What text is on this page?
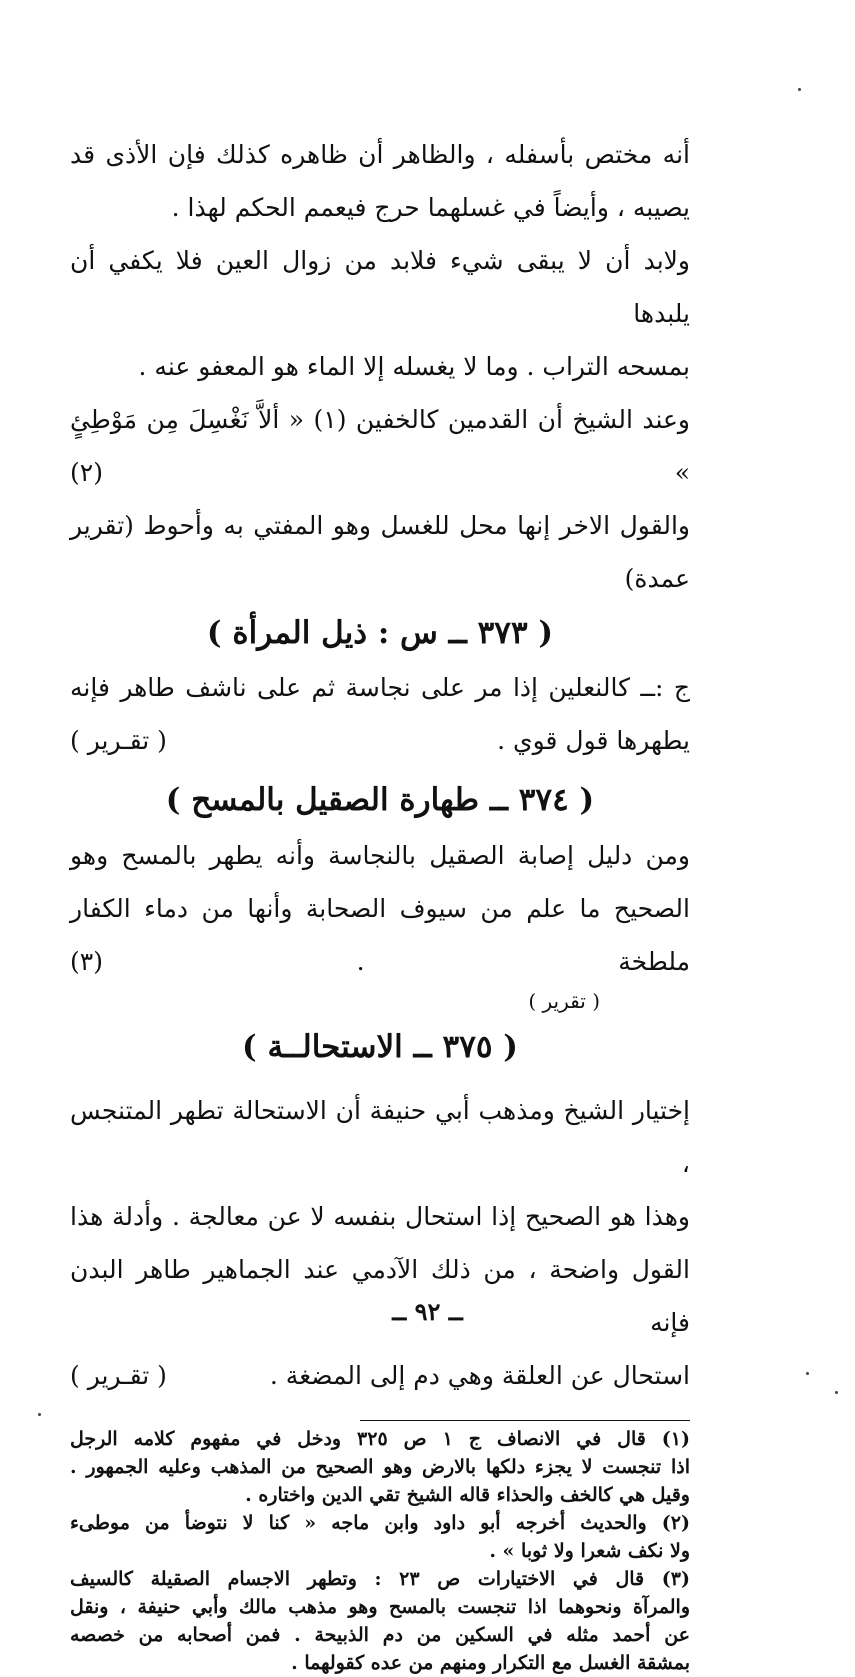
أنه مختص بأسفله ، والظاهر أن ظاهره كذلك فإن الأذى قد

يصيبه ، وأيضاً في غسلهما حرج فيعمم الحكم لهذا .

ولابد أن لا يبقى شيء فلابد من زوال العين فلا يكفي أن يلبدها

بمسحه التراب . وما لا يغسله إلا الماء هو المعفو عنه .

وعند الشيخ أن القدمين كالخفين (١) « ألاَّ نَغْسِلَ مِن مَوْطِئٍ » (٢)

والقول الاخر إنها محل للغسل وهو المفتي به وأحوط (تقرير عمدة)

( ٣٧٣ ــ س : ذيل المرأة )

ج :ــ كالنعلين إذا مر على نجاسة ثم على ناشف طاهر فإنه

يطهرها قول قوي .
( تقـرير )
( ٣٧٤ ــ طهارة الصقيل بالمسح )

ومن دليل إصابة الصقيل بالنجاسة وأنه يطهر بالمسح وهو

الصحيح ما علم من سيوف الصحابة وأنها من دماء الكفار ملطخة . (٣)

( تقرير )
( ٣٧٥ ــ الاستحالــة )

إختيار الشيخ ومذهب أبي حنيفة أن الاستحالة تطهر المتنجس ،

وهذا هو الصحيح إذا استحال بنفسه لا عن معالجة . وأدلة هذا

القول واضحة ، من ذلك الآدمي عند الجماهير طاهر البدن فإنه

استحال عن العلقة وهي دم إلى المضغة .
( تقـرير )
(١) قال في الانصاف ج ١ ص ٣٢٥ ودخل في مفهوم كلامه الرجل
اذا تنجست لا يجزء دلكها بالارض وهو الصحيح من المذهب وعليه الجمهور .
وقيل هي كالخف والحذاء قاله الشيخ تقي الدين واختاره .
(٢) والحديث أخرجه أبو داود وابن ماجه « كنا لا نتوضأ من موطىء
ولا نكف شعرا ولا ثوبا » .
(٣) قال في الاختيارات ص ٢٣ : وتطهر الاجسام الصقيلة كالسيف
والمرآة ونحوهما اذا تنجست بالمسح وهو مذهب مالك وأبي حنيفة ، ونقل
عن أحمد مثله في السكين من دم الذبيحة . فمن أصحابه من خصصه
بمشقة الغسل مع التكرار ومنهم من عده كقولهما .
ــ ٩٢ ــ
